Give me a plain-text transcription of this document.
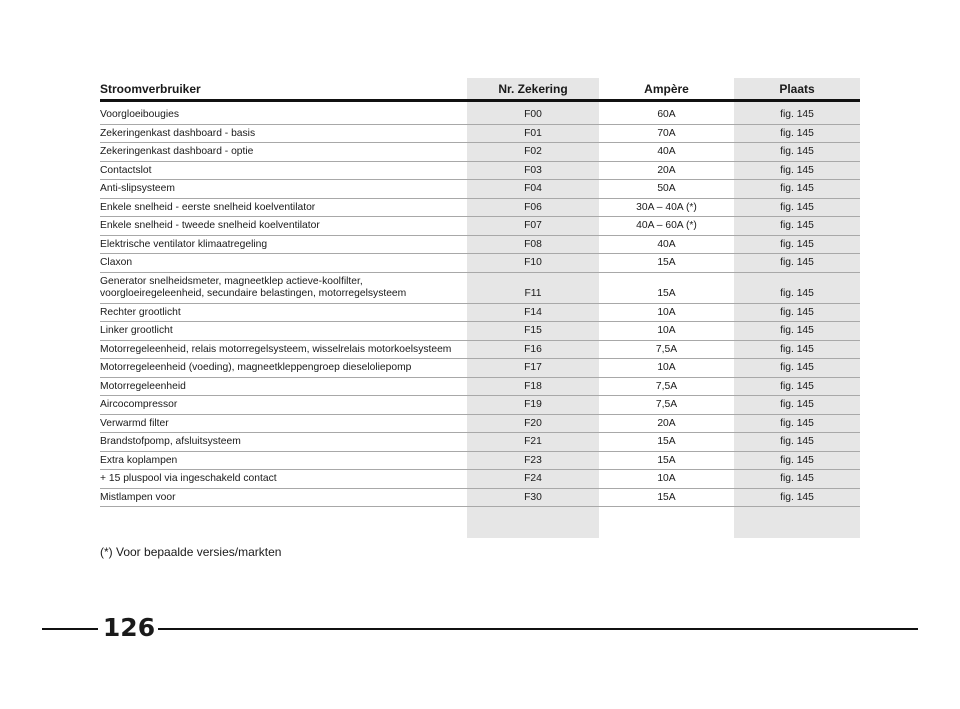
Stroomverbruiker	Nr. Zekering	Ampère	Plaats
Voorgloeibougies	F00	60A	fig. 145
Zekeringenkast dashboard - basis	F01	70A	fig. 145
Zekeringenkast dashboard - optie	F02	40A	fig. 145
Contactslot	F03	20A	fig. 145
Anti-slipsysteem	F04	50A	fig. 145
Enkele snelheid - eerste snelheid koelventilator	F06	30A – 40A (*)	fig. 145
Enkele snelheid - tweede snelheid koelventilator	F07	40A – 60A (*)	fig. 145
Elektrische ventilator klimaatregeling	F08	40A	fig. 145
Claxon	F10	15A	fig. 145
Generator snelheidsmeter, magneetklep actieve-koolfilter, voorgloeiregeleenheid, secundaire belastingen, motorregelsysteem	F11	15A	fig. 145
Rechter grootlicht	F14	10A	fig. 145
Linker grootlicht	F15	10A	fig. 145
Motorregeleenheid, relais motorregelsysteem, wisselrelais motorkoelsysteem	F16	7,5A	fig. 145
Motorregeleenheid (voeding), magneetkleppengroep dieseloliepomp	F17	10A	fig. 145
Motorregeleenheid	F18	7,5A	fig. 145
Aircocompressor	F19	7,5A	fig. 145
Verwarmd filter	F20	20A	fig. 145
Brandstofpomp, afsluitsysteem	F21	15A	fig. 145
Extra koplampen	F23	15A	fig. 145
+ 15 pluspool via ingeschakeld contact	F24	10A	fig. 145
Mistlampen voor	F30	15A	fig. 145
(*) Voor bepaalde versies/markten
126
